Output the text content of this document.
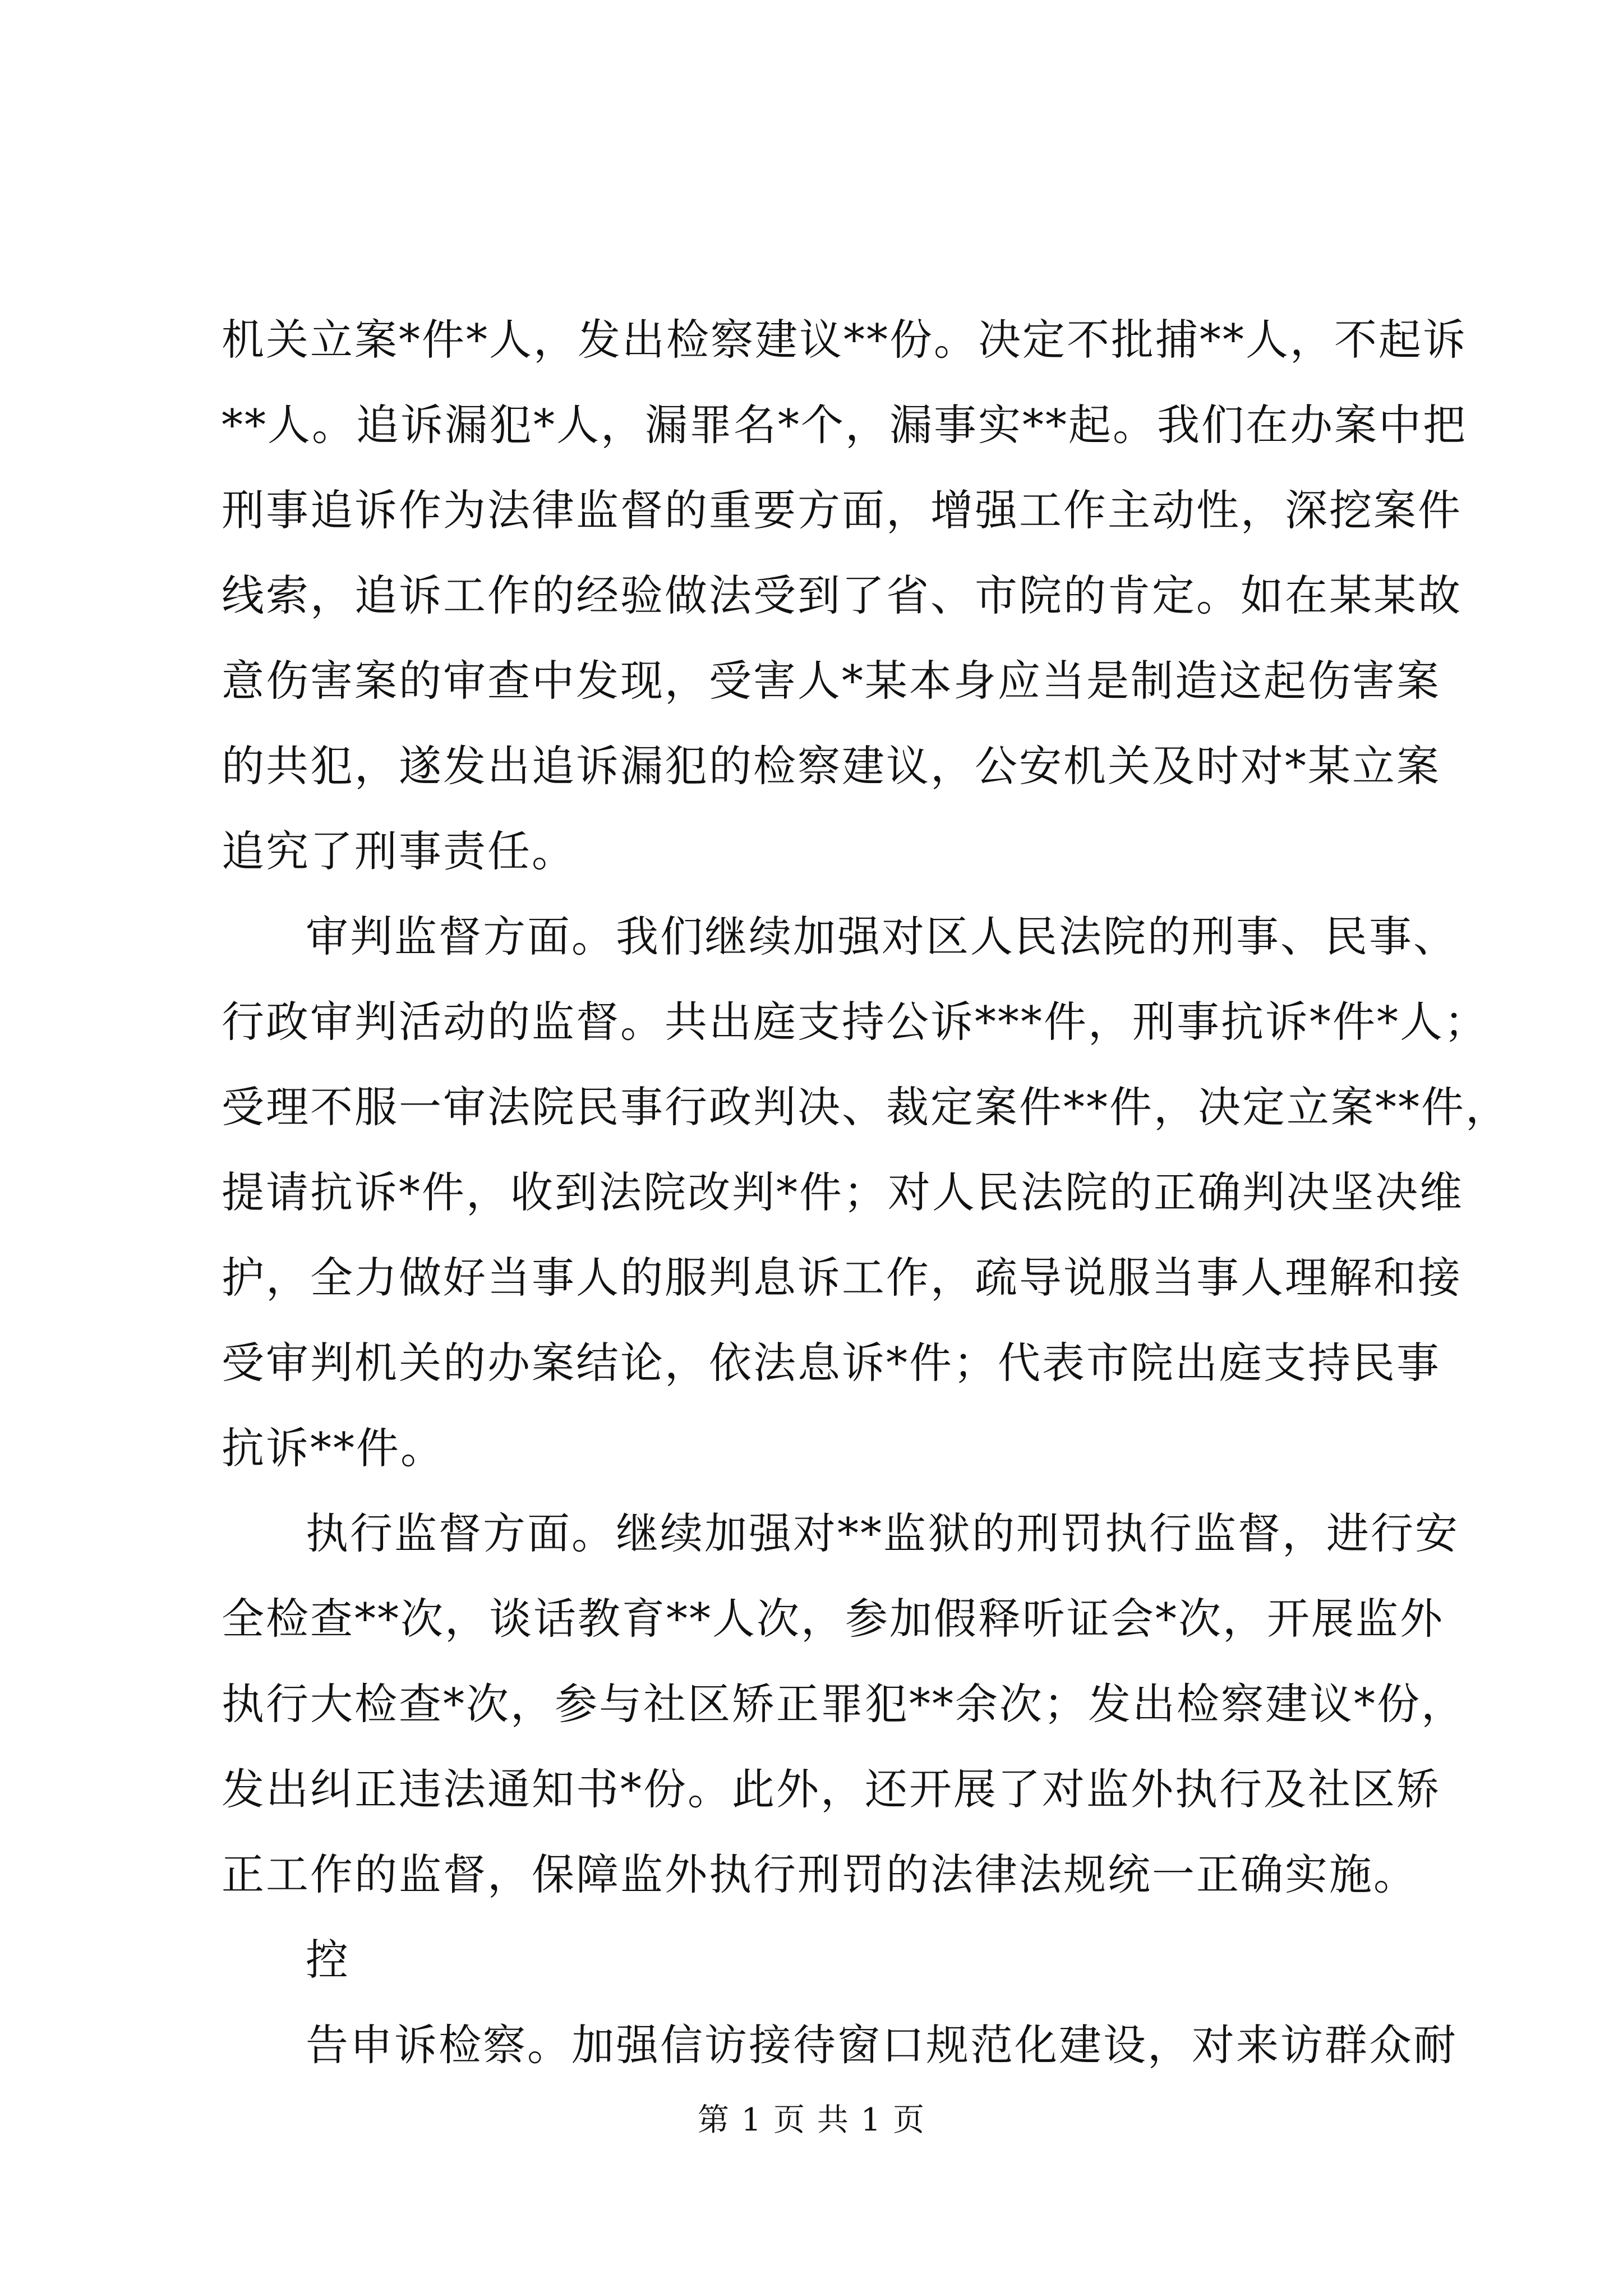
机关立案*件*人，发出检察建议**份。决定不批捕**人，不起诉

**人。追诉漏犯*人，漏罪名*个，漏事实**起。我们在办案中把

刑事追诉作为法律监督的重要方面，增强工作主动性，深挖案件

线索，追诉工作的经验做法受到了省、市院的肯定。如在某某故

意伤害案的审查中发现，受害人*某本身应当是制造这起伤害案

的共犯，遂发出追诉漏犯的检察建议，公安机关及时对*某立案

追究了刑事责任。

审判监督方面。我们继续加强对区人民法院的刑事、民事、

行政审判活动的监督。共出庭支持公诉***件，刑事抗诉*件*人；

受理不服一审法院民事行政判决、裁定案件**件，决定立案**件，

提请抗诉*件，收到法院改判*件；对人民法院的正确判决坚决维

护，全力做好当事人的服判息诉工作，疏导说服当事人理解和接

受审判机关的办案结论，依法息诉*件；代表市院出庭支持民事

抗诉**件。

执行监督方面。继续加强对**监狱的刑罚执行监督，进行安

全检查**次，谈话教育**人次，参加假释听证会*次，开展监外

执行大检查*次，参与社区矫正罪犯**余次；发出检察建议*份，

发出纠正违法通知书*份。此外，还开展了对监外执行及社区矫

正工作的监督，保障监外执行刑罚的法律法规统一正确实施。

控

告申诉检察。加强信访接待窗口规范化建设，对来访群众耐

第 1 页 共 1 页
